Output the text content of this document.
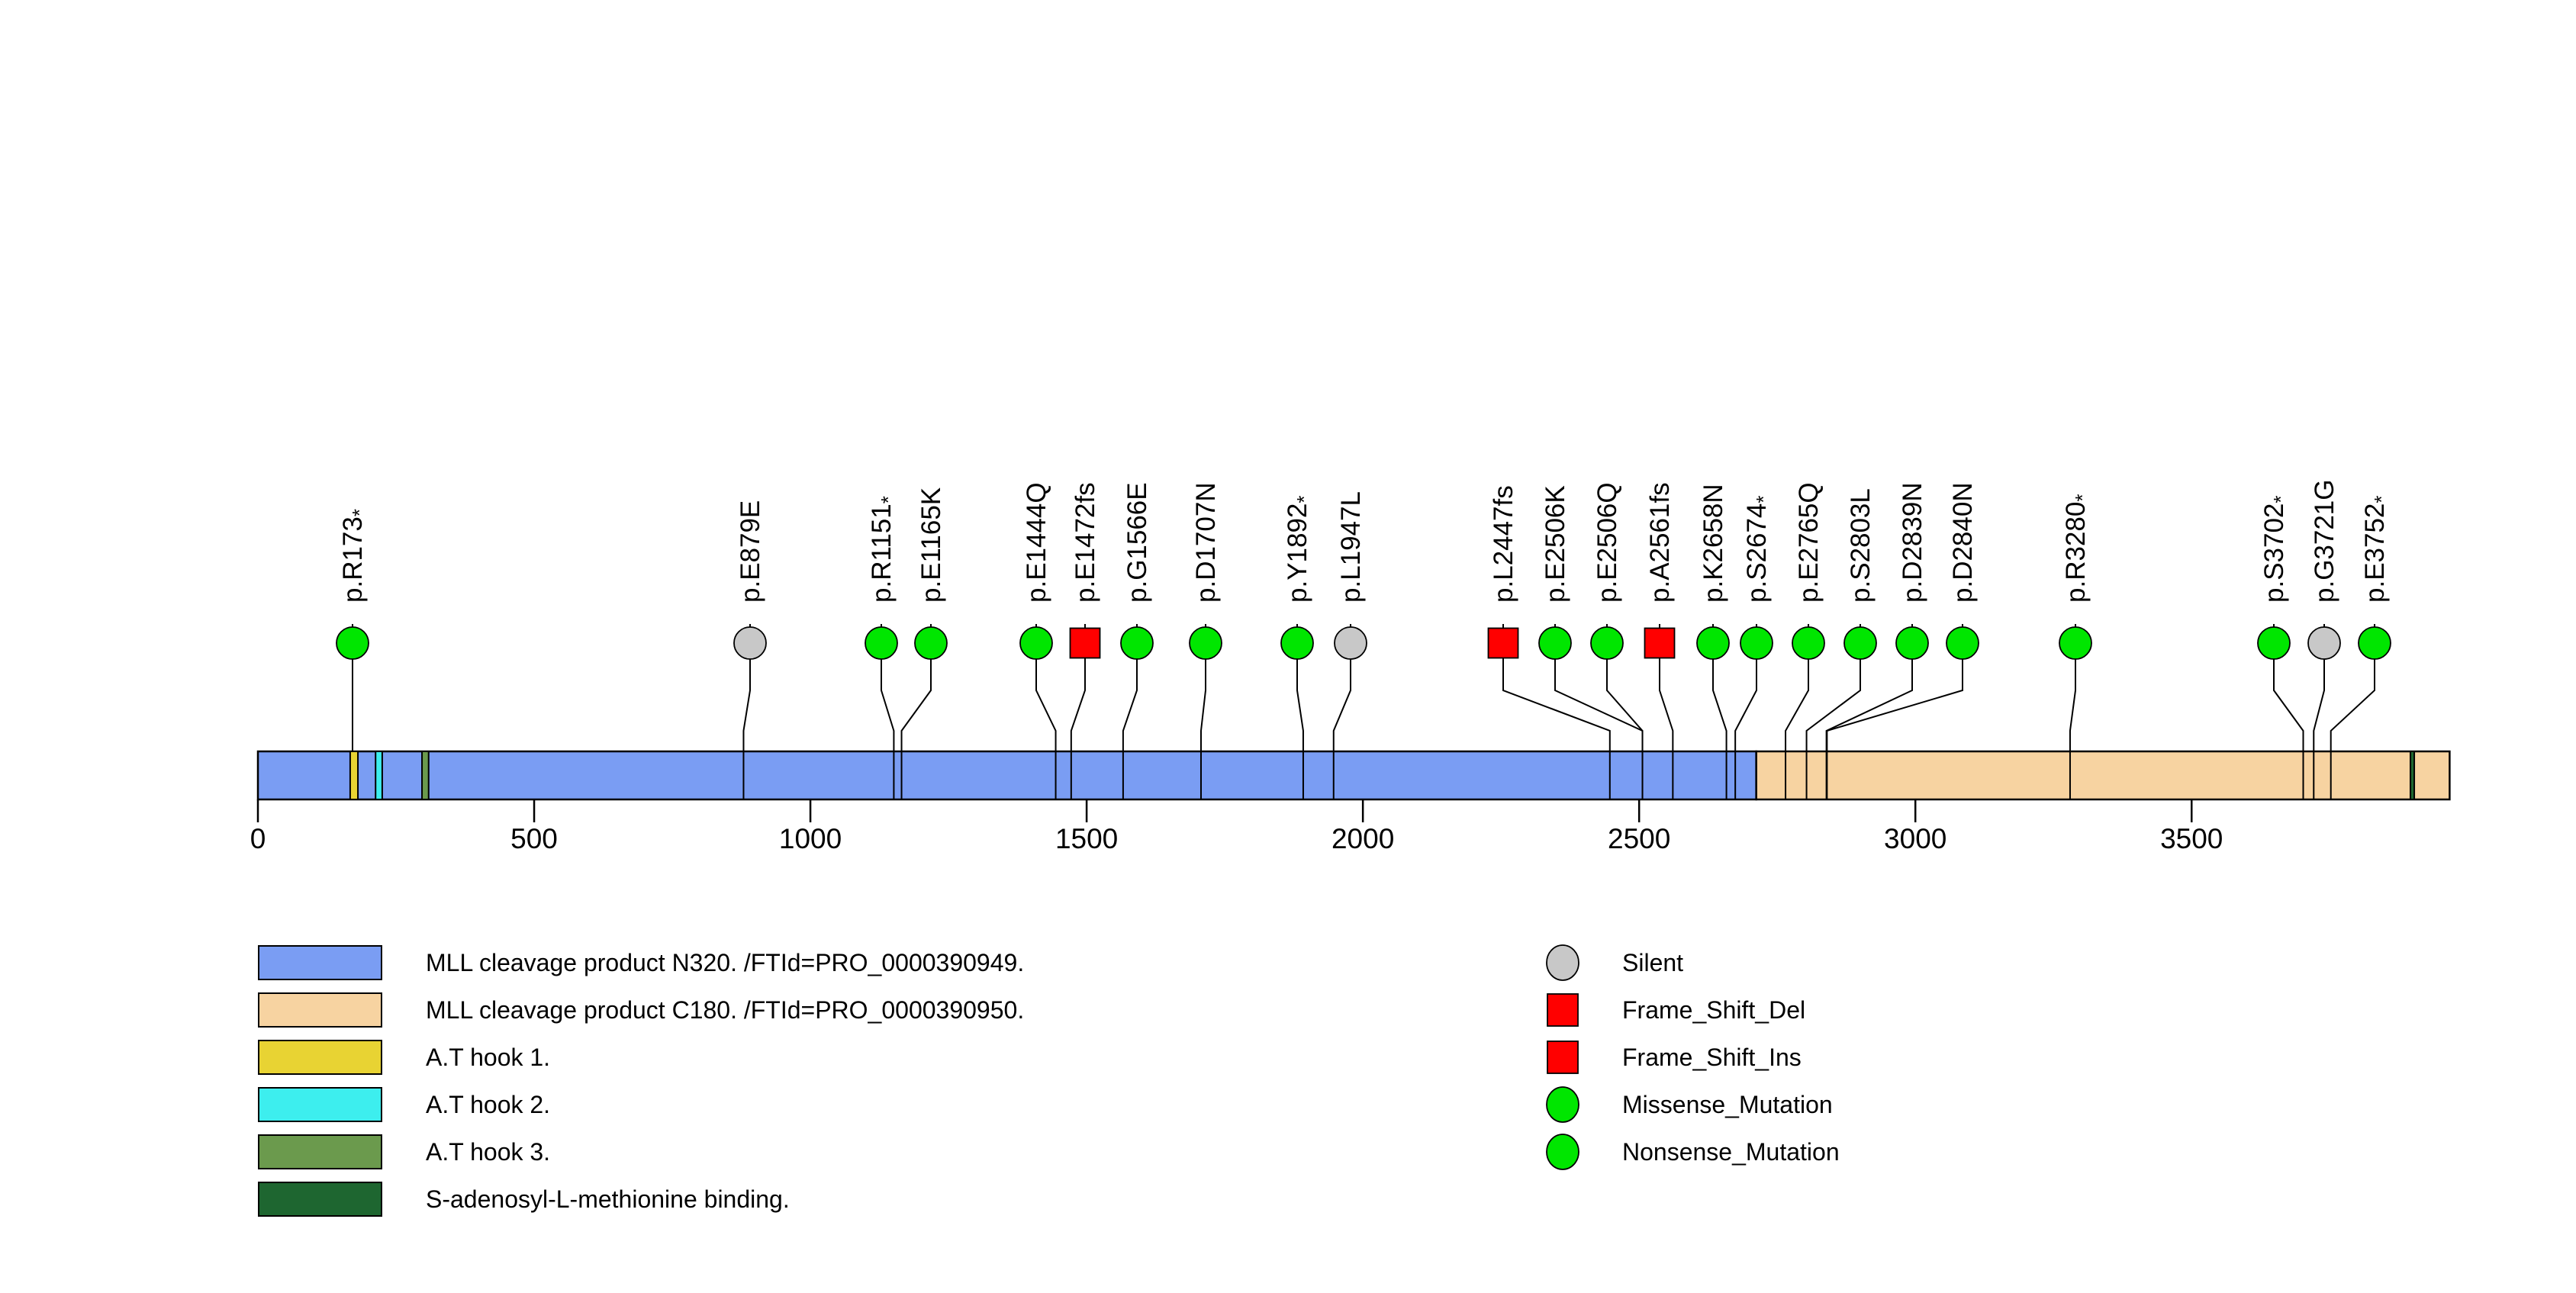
$p.R173_*$	p.E879E	$p.R1151_*$ p.E1165K	p.E1444Q p.E1472fs p.G1566E p.D1707N $p.Y1892_*$ p.L1947L	p.L2447fs p.E2506K p.E2506Q p.A2561fs p.K2658N $p.S2674_*$ p.E2765Q p.S2803L p.D2839N p.D2840N	$p.R3280_*$
$p.S3702_*$ p.G3721G $p.E3752_*$
0	500	1000	1500	2000	2500	3000	3500
MLL cleavage product N320. /FTId=PRO_0000390949.
MLL cleavage product C180. /FTId=PRO_0000390950.
A.T hook 1.
A.T hook 2.
A.T hook 3.
S-adenosyl-L-methionine binding.
Silent
Frame_Shift_Del
Frame_Shift_Ins
Missense_Mutation
Nonsense_Mutation
